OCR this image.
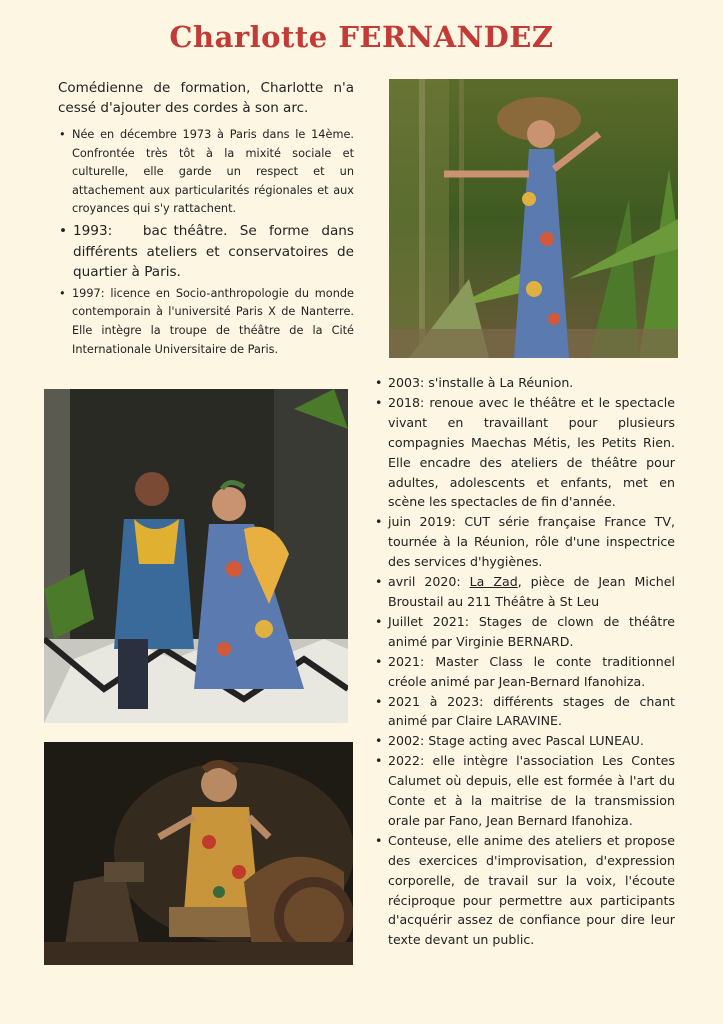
Charlotte FERNANDEZ
Comédienne de formation, Charlotte n'a cessé d'ajouter des cordes à son arc.
• Née en décembre 1973 à Paris dans le 14ème. Confrontée très tôt à la mixité sociale et culturelle, elle garde un respect et un attachement aux particularités régionales et aux croyances qui s'y rattachent.
• 1993:     bac théâtre.  Se  forme  dans différents ateliers et conservatoires de quartier à Paris.
• 1997: licence en Socio-anthropologie du monde contemporain à l'université Paris X de Nanterre. Elle intègre la troupe de théâtre de la Cité Internationale Universitaire de Paris.
• 2003: s'installe à La Réunion.
• 2018: renoue avec le théâtre et le spectacle vivant en travaillant pour plusieurs compagnies Maechas Métis, les Petits Rien. Elle encadre des ateliers de théâtre pour adultes, adolescents et enfants, met en scène les spectacles de fin d'année.
• juin 2019: CUT série française France TV, tournée à la Réunion, rôle d'une inspectrice des services d'hygiènes.
• avril 2020: La Zad, pièce de Jean Michel Broustail au 211 Théâtre à St Leu
• Juillet 2021: Stages de clown de théâtre animé par Virginie BERNARD.
• 2021: Master Class le conte traditionnel créole animé par Jean-Bernard Ifanohiza.
• 2021 à 2023: différents stages de chant animé par Claire LARAVINE.
• 2002: Stage acting avec Pascal LUNEAU.
• 2022: elle intègre l'association Les Contes Calumet où depuis, elle est formée à l'art du Conte et à la maitrise de la transmission orale par Fano, Jean Bernard Ifanohiza.
• Conteuse, elle anime des ateliers et propose des exercices d'improvisation, d'expression corporelle, de travail sur la voix, l'écoute réciproque pour permettre aux participants d'acquérir assez de confiance pour dire leur texte devant un public.
